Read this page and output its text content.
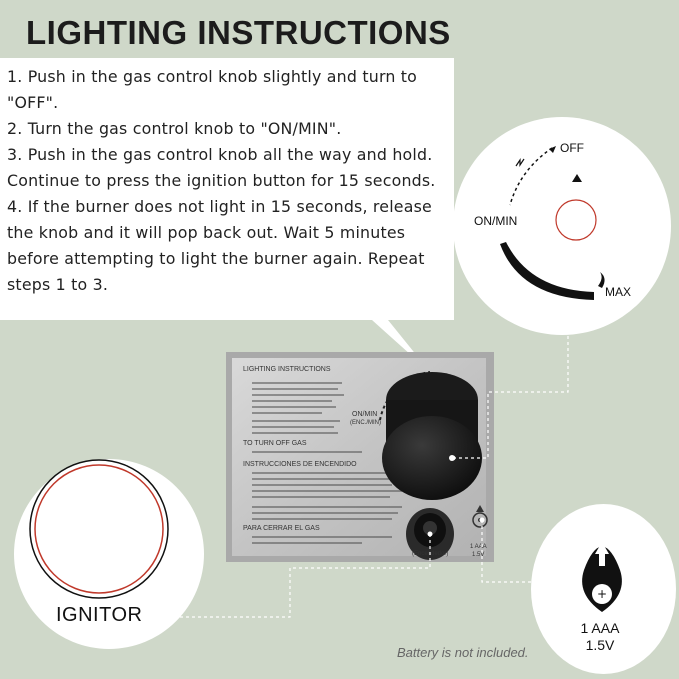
LIGHTING INSTRUCTIONS

1. Push in the gas control knob slightly and turn to "OFF".

2. Turn the gas control knob to "ON/MIN".

3. Push in the gas control knob all the way and hold. Continue to press the ignition button for 15 seconds.

4. If the burner does not light in 15 seconds, release the knob and it will pop back out. Wait 5 minutes before attempting to light the burner again. Repeat steps 1 to 3.

LIGHTING INSTRUCTIONS
TO TURN OFF GAS
INSTRUCCIONES DE ENCENDIDO
PARA CERRAR EL GAS
ON/MIN
(ENC./MIN)
(Encendedor)
1 AAA
1.5V
OFF
ON/MIN
MAX
IGNITOR
+
1 AAA
1.5V
Battery is not included.
